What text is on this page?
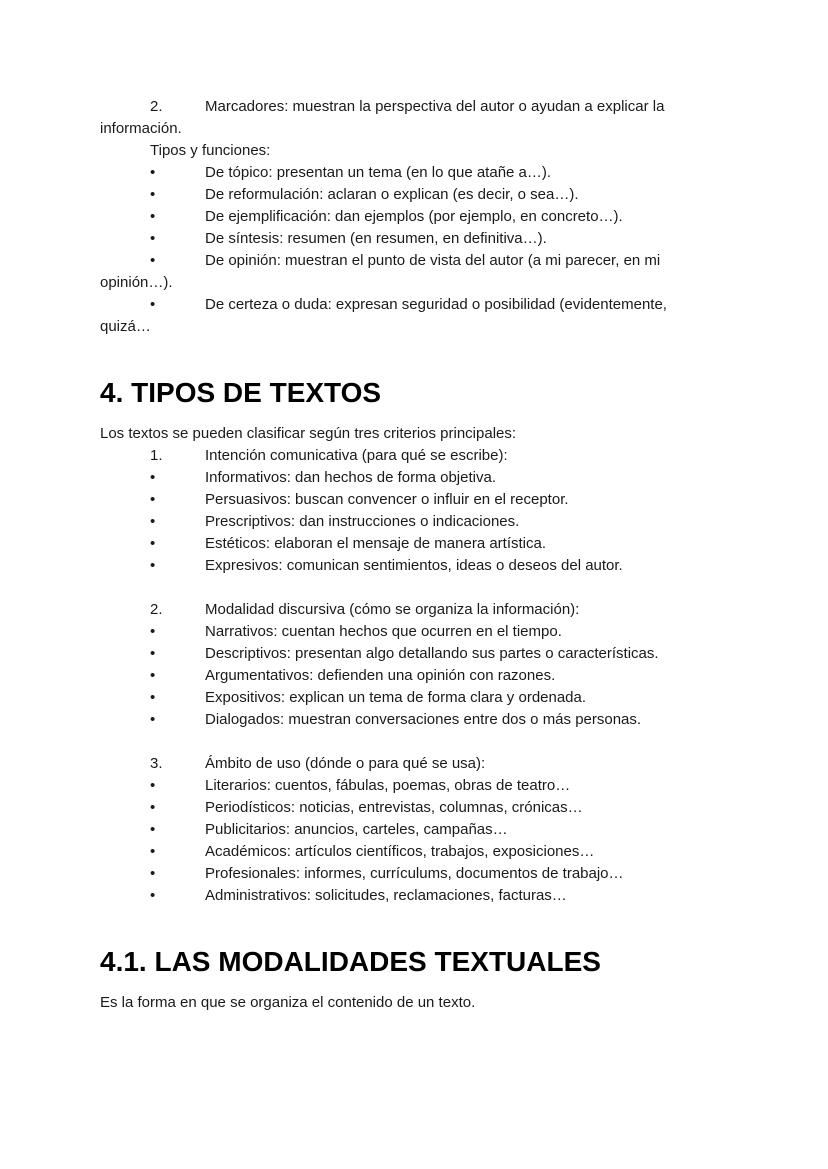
2.	Marcadores: muestran la perspectiva del autor o ayudan a explicar la información.

Tipos y funciones:

•	De tópico: presentan un tema (en lo que atañe a…).

•	De reformulación: aclaran o explican (es decir, o sea…).

•	De ejemplificación: dan ejemplos (por ejemplo, en concreto…).

•	De síntesis: resumen (en resumen, en definitiva…).

•	De opinión: muestran el punto de vista del autor (a mi parecer, en mi opinión…).

•	De certeza o duda: expresan seguridad o posibilidad (evidentemente, quizá…

4. TIPOS DE TEXTOS

Los textos se pueden clasificar según tres criterios principales:

1.	Intención comunicativa (para qué se escribe):

•	Informativos: dan hechos de forma objetiva.

•	Persuasivos: buscan convencer o influir en el receptor.

•	Prescriptivos: dan instrucciones o indicaciones.

•	Estéticos: elaboran el mensaje de manera artística.

•	Expresivos: comunican sentimientos, ideas o deseos del autor.

2.	Modalidad discursiva (cómo se organiza la información):

•	Narrativos: cuentan hechos que ocurren en el tiempo.

•	Descriptivos: presentan algo detallando sus partes o características.

•	Argumentativos: defienden una opinión con razones.

•	Expositivos: explican un tema de forma clara y ordenada.

•	Dialogados: muestran conversaciones entre dos o más personas.

3.	Ámbito de uso (dónde o para qué se usa):

•	Literarios: cuentos, fábulas, poemas, obras de teatro…

•	Periodísticos: noticias, entrevistas, columnas, crónicas…

•	Publicitarios: anuncios, carteles, campañas…

•	Académicos: artículos científicos, trabajos, exposiciones…

•	Profesionales: informes, currículums, documentos de trabajo…

•	Administrativos: solicitudes, reclamaciones, facturas…

4.1. LAS MODALIDADES TEXTUALES

Es la forma en que se organiza el contenido de un texto.
